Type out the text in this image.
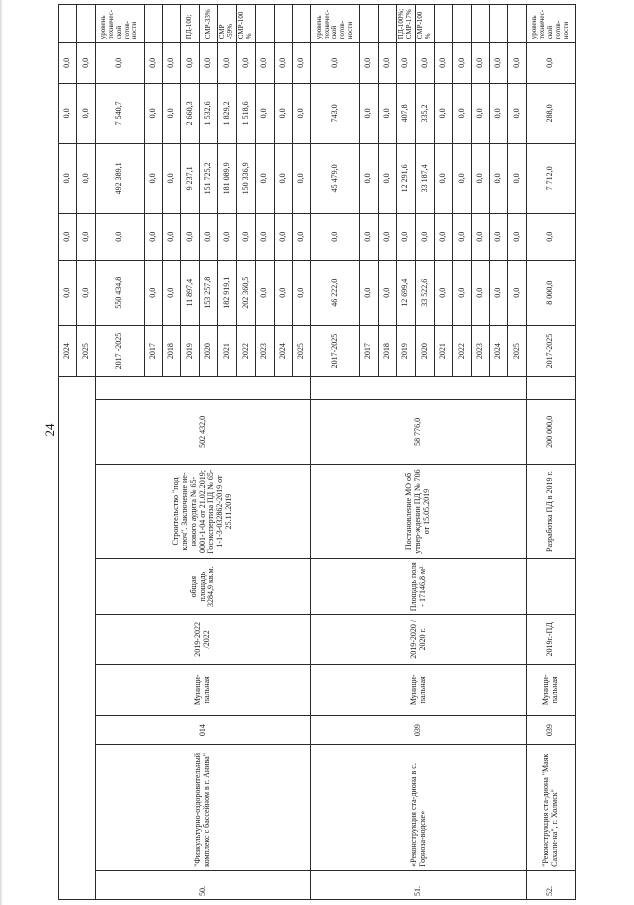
24
									2024	0,0	0,0	0,0	0,0	0,0	
									2025	0,0	0,0	0,0	0,0	0,0	
50.	"Физкультурно-оздоровительный комплекс с бассейном в г. Анива"	014	Муници-пальная	2019-2022 /2022	общая площадь 3284,9 кв.м.	Строительство "под ключ". Заключение ие-нового аудита № 65-0001-1-04 от 21.02.2019; Госэкспертиза ПД № 65-1-1-3-032862-2019 от 25.11.2019	502 432,0		2017 -2025	550 434,8	0,0	492 389,1	7 540,7	0,0	уровень техничес-ской готов-ности
									2017	0,0	0,0	0,0	0,0	0,0	
									2018	0,0	0,0	0,0	0,0	0,0	
									2019	11 897,4	0,0	9 237,1	2 660,3	0,0	ПД-100;
									2020	153 257,8	0,0	151 725,2	1 532,6	0,0	СМР-33%
									2021	182 919,1	0,0	181 089,9	1 829,2	0,0	СМР -59%
									2022	202 360,5	0,0	150 336,9	1 518,6	0,0	СМР-100%
									2023	0,0	0,0	0,0	0,0	0,0	
									2024	0,0	0,0	0,0	0,0	0,0	
									2025	0,0	0,0	0,0	0,0	0,0	
51.	«Реконструкция ста-диона в с. Горноза-водске»	039	Муници-пальная	2019-2020 / 2020 г.	Площадь поля - 17146,8 м²	Постановление МО об утвер-ждении ПД № 706 от 15.05.2019	58 776,0		2017-2025	46 222,0	0,0	45 479,0	743,0	0,0	уровень техничес-ской готов-ности
									2017	0,0	0,0	0,0	0,0	0,0	
									2018	0,0	0,0	0,0	0,0	0,0	
									2019	12 699,4	0,0	12 291,6	407,8	0,0	ПД-100%; СМР-17%
									2020	33 522,6	0,0	33 187,4	335,2	0,0	СМР-100%
									2021	0,0	0,0	0,0	0,0	0,0	
									2022	0,0	0,0	0,0	0,0	0,0	
									2023	0,0	0,0	0,0	0,0	0,0	
									2024	0,0	0,0	0,0	0,0	0,0	
									2025	0,0	0,0	0,0	0,0	0,0	
52.	"Реконструкция ста-диона "Маяк Сахали-на", г. Холмск"	039	Муници-пальная	2019г.-ПД		Разработка ПД в 2019 г.	200 000,0		2017-2025	8 000,0	0,0	7 712,0	288,0	0,0	уровень техничес-ской готов-ности
